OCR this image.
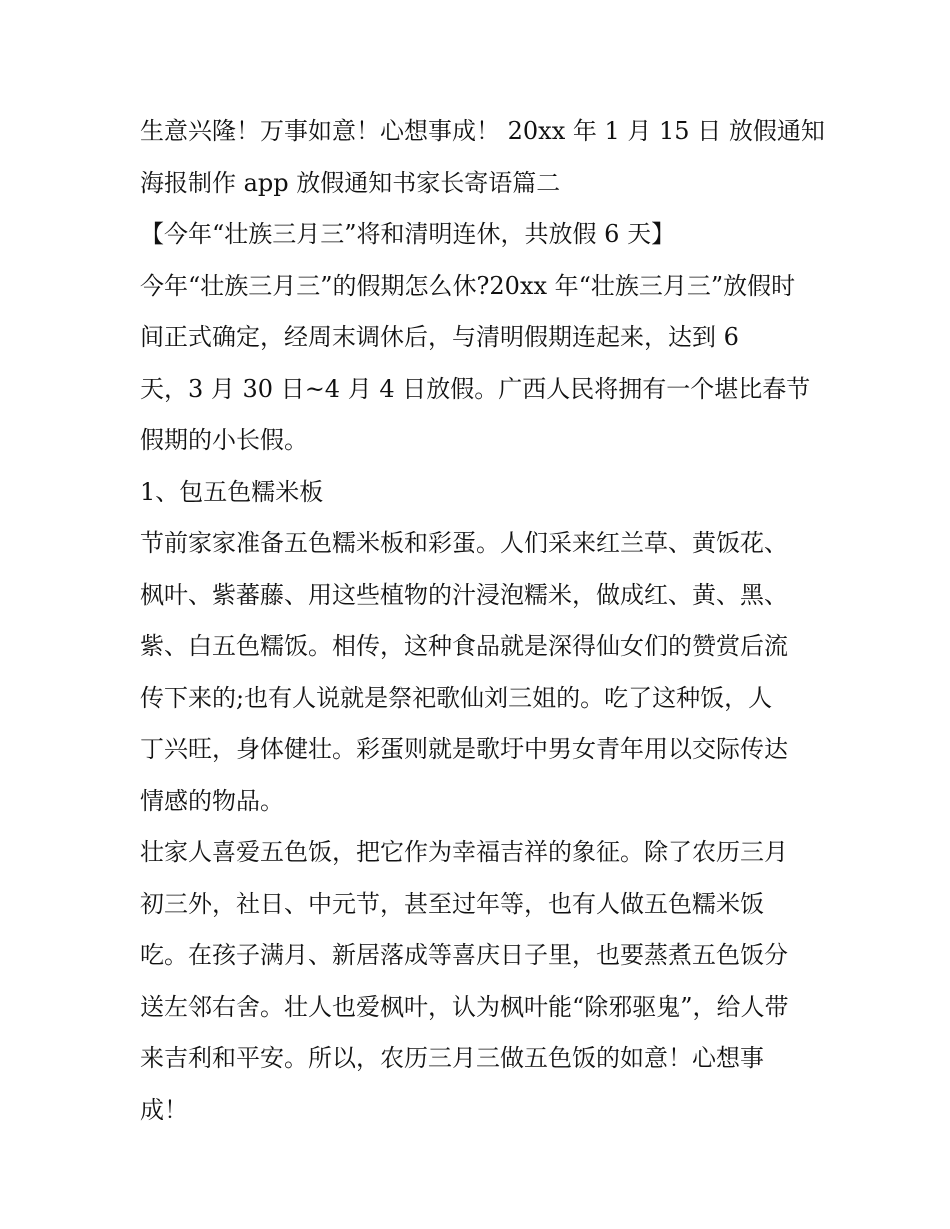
生意兴隆！万事如意！心想事成！ 20xx 年 1 月 15 日 放假通知
海报制作 app 放假通知书家长寄语篇二
【今年“壮族三月三”将和清明连休，共放假 6 天】
今年“壮族三月三”的假期怎么休?20xx 年“壮族三月三”放假时
间正式确定，经周末调休后，与清明假期连起来，达到 6
天，3 月 30 日~4 月 4 日放假。广西人民将拥有一个堪比春节
假期的小长假。
1、包五色糯米板
节前家家准备五色糯米板和彩蛋。人们采来红兰草、黄饭花、
枫叶、紫蕃藤、用这些植物的汁浸泡糯米，做成红、黄、黑、
紫、白五色糯饭。相传，这种食品就是深得仙女们的赞赏后流
传下来的;也有人说就是祭祀歌仙刘三姐的。吃了这种饭，人
丁兴旺，身体健壮。彩蛋则就是歌圩中男女青年用以交际传达
情感的物品。
壮家人喜爱五色饭，把它作为幸福吉祥的象征。除了农历三月
初三外，社日、中元节，甚至过年等，也有人做五色糯米饭
吃。在孩子满月、新居落成等喜庆日子里，也要蒸煮五色饭分
送左邻右舍。壮人也爱枫叶，认为枫叶能“除邪驱鬼”，给人带
来吉利和平安。所以，农历三月三做五色饭的如意！心想事
成！
